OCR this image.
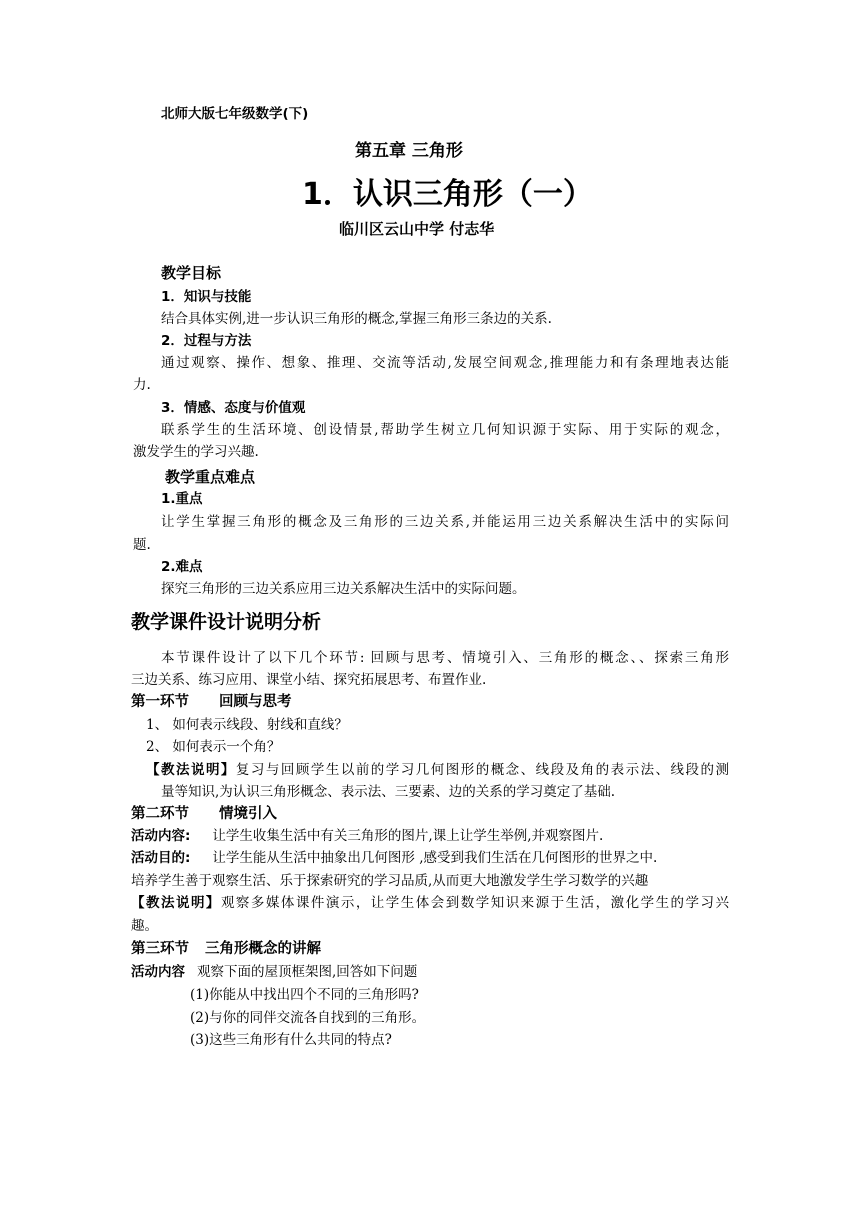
北师大版七年级数学(下)
第五章 三角形
1．认识三角形（一）
临川区云山中学 付志华
教学目标
1．知识与技能
结合具体实例,进一步认识三角形的概念,掌握三角形三条边的关系.
2．过程与方法
通过观察、操作、想象、推理、交流等活动,发展空间观念,推理能力和有条理地表达能
力.
3．情感、态度与价值观
联系学生的生活环境、创设情景,帮助学生树立几何知识源于实际、用于实际的观念，
激发学生的学习兴趣.
教学重点难点
1.重点
让学生掌握三角形的概念及三角形的三边关系,并能运用三边关系解决生活中的实际问
题.
2.难点
探究三角形的三边关系应用三边关系解决生活中的实际问题。
教学课件设计说明分析
本节课件设计了以下几个环节: 回顾与思考、情境引入、三角形的概念、、探索三角形
三边关系、练习应用、课堂小结、探究拓展思考、布置作业.
第一环节 回顾与思考
1、 如何表示线段、射线和直线？
2、 如何表示一个角？
【教法说明】复习与回顾学生以前的学习几何图形的概念、线段及角的表示法、线段的测
量等知识,为认识三角形概念、表示法、三要素、边的关系的学习奠定了基础.
第二环节 情境引入
活动内容: 让学生收集生活中有关三角形的图片,课上让学生举例,并观察图片.
活动目的: 让学生能从生活中抽象出几何图形 ,感受到我们生活在几何图形的世界之中.
培养学生善于观察生活、乐于探索研究的学习品质,从而更大地激发学生学习数学的兴趣
【教法说明】观察多媒体课件演示，让学生体会到数学知识来源于生活，激化学生的学习兴
趣。
第三环节 三角形概念的讲解
活动内容 观察下面的屋顶框架图,回答如下问题
(1)你能从中找出四个不同的三角形吗?
(2)与你的同伴交流各自找到的三角形。
(3)这些三角形有什么共同的特点?
